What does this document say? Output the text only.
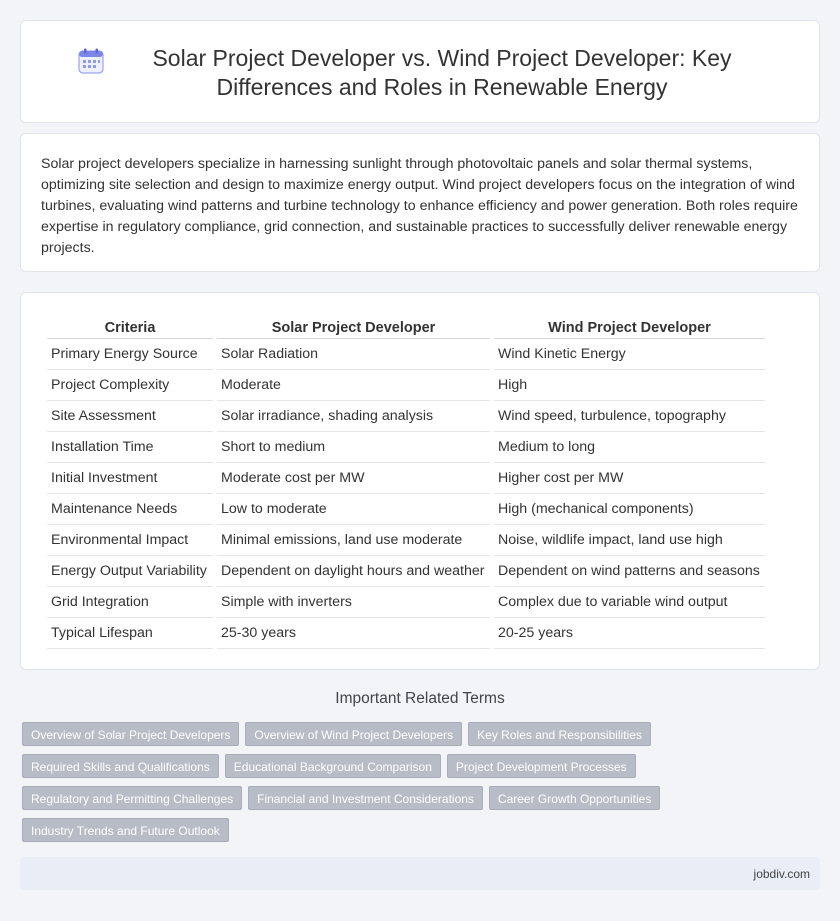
Solar Project Developer vs. Wind Project Developer: Key Differences and Roles in Renewable Energy

Solar project developers specialize in harnessing sunlight through photovoltaic panels and solar thermal systems, optimizing site selection and design to maximize energy output. Wind project developers focus on the integration of wind turbines, evaluating wind patterns and turbine technology to enhance efficiency and power generation. Both roles require expertise in regulatory compliance, grid connection, and sustainable practices to successfully deliver renewable energy projects.

Criteria	Solar Project Developer	Wind Project Developer
Primary Energy Source	Solar Radiation	Wind Kinetic Energy
Project Complexity	Moderate	High
Site Assessment	Solar irradiance, shading analysis	Wind speed, turbulence, topography
Installation Time	Short to medium	Medium to long
Initial Investment	Moderate cost per MW	Higher cost per MW
Maintenance Needs	Low to moderate	High (mechanical components)
Environmental Impact	Minimal emissions, land use moderate	Noise, wildlife impact, land use high
Energy Output Variability	Dependent on daylight hours and weather	Dependent on wind patterns and seasons
Grid Integration	Simple with inverters	Complex due to variable wind output
Typical Lifespan	25-30 years	20-25 years
Important Related Terms
Overview of Solar Project Developers	Overview of Wind Project Developers	Key Roles and Responsibilities
Required Skills and Qualifications	Educational Background Comparison	Project Development Processes
Regulatory and Permitting Challenges	Financial and Investment Considerations	Career Growth Opportunities
Industry Trends and Future Outlook
jobdiv.com
